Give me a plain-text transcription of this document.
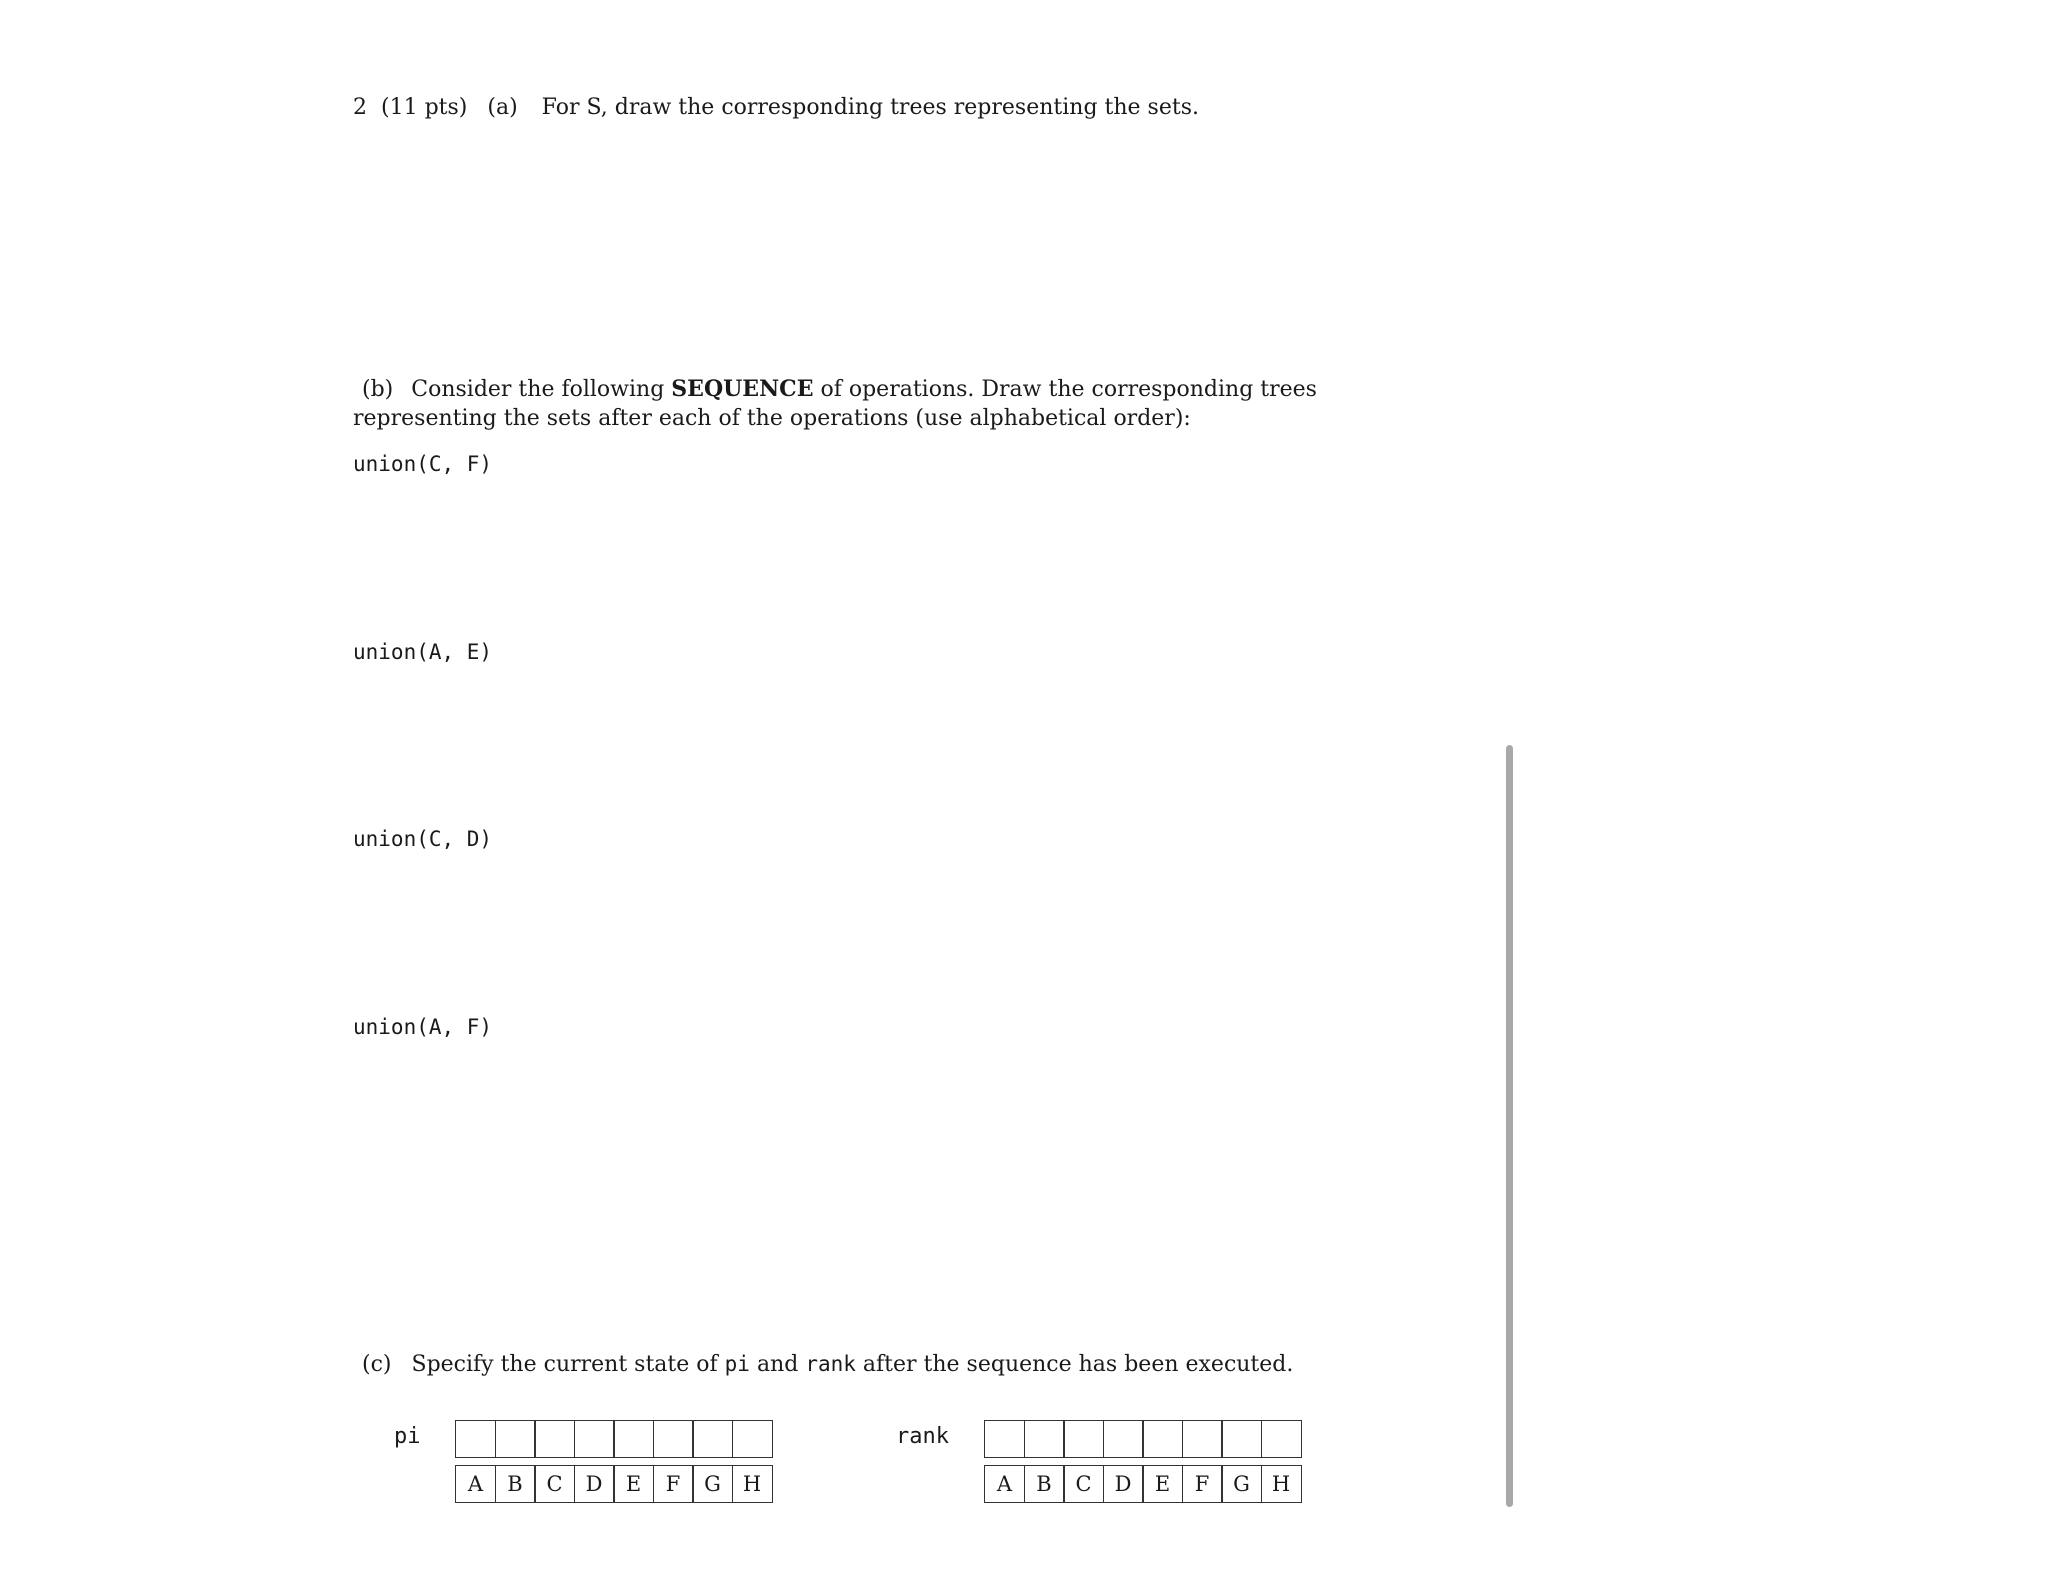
2 (11 pts) (a) For S, draw the corresponding trees representing the sets.
(b) Consider the following SEQUENCE of operations. Draw the corresponding trees representing the sets after each of the operations (use alphabetical order):
union(C, F)
union(A, E)
union(C, D)
union(A, F)
(c) Specify the current state of pi and rank after the sequence has been executed.
pi
A	B	C	D	E	F	G	H
rank
A	B	C	D	E	F	G	H
